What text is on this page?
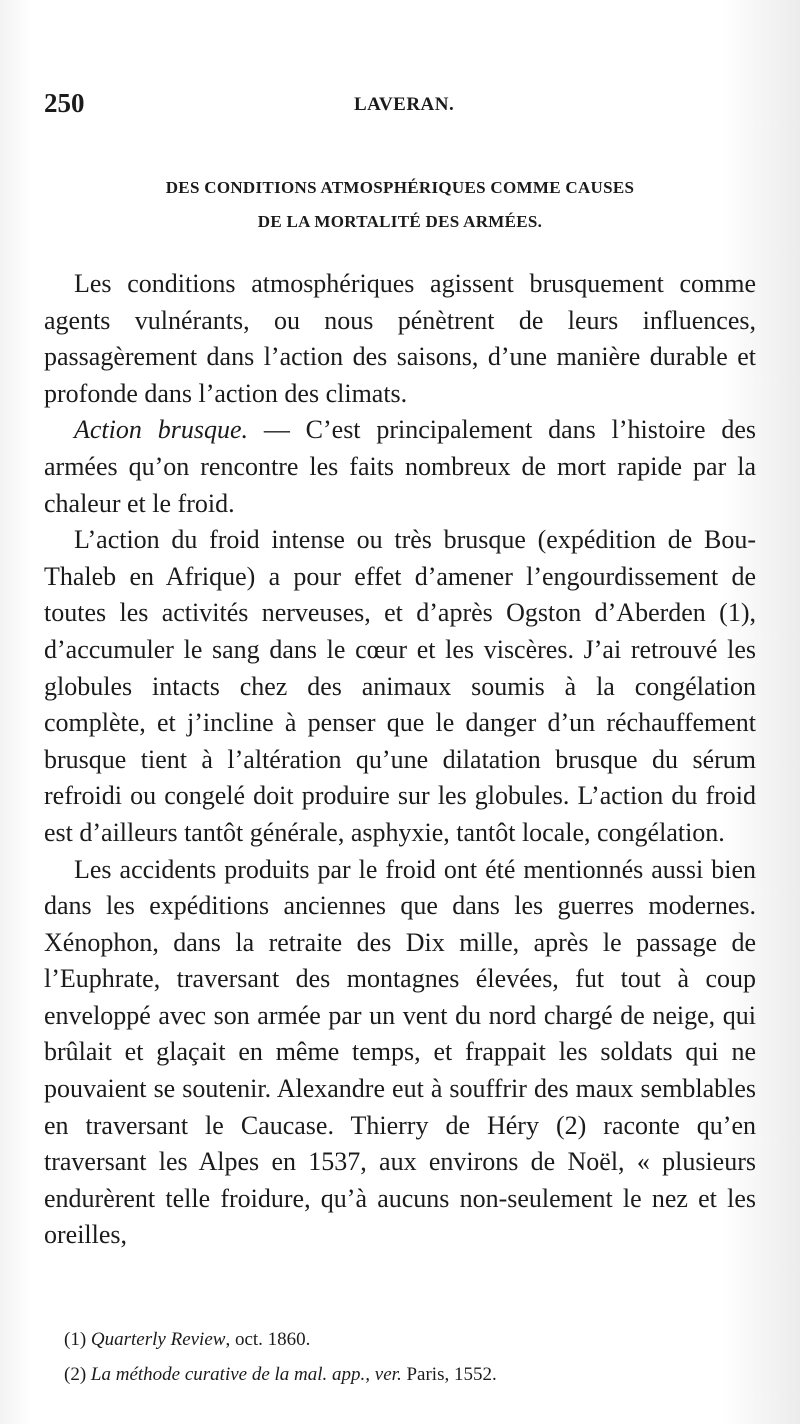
250	LAVERAN.
DES CONDITIONS ATMOSPHÉRIQUES COMME CAUSES
DE LA MORTALITÉ DES ARMÉES.

Les conditions atmosphériques agissent brusquement comme agents vulnérants, ou nous pénètrent de leurs influences, passagèrement dans l’action des saisons, d’une manière durable et profonde dans l’action des climats.

Action brusque. — C’est principalement dans l’histoire des armées qu’on rencontre les faits nombreux de mort rapide par la chaleur et le froid.

L’action du froid intense ou très brusque (expédition de Bou-Thaleb en Afrique) a pour effet d’amener l’engourdissement de toutes les activités nerveuses, et d’après Ogston d’Aberden (1), d’accumuler le sang dans le cœur et les viscères. J’ai retrouvé les globules intacts chez des animaux soumis à la congélation complète, et j’incline à penser que le danger d’un réchauffement brusque tient à l’altération qu’une dilatation brusque du sérum refroidi ou congelé doit produire sur les globules. L’action du froid est d’ailleurs tantôt générale, asphyxie, tantôt locale, congélation.

Les accidents produits par le froid ont été mentionnés aussi bien dans les expéditions anciennes que dans les guerres modernes. Xénophon, dans la retraite des Dix mille, après le passage de l’Euphrate, traversant des montagnes élevées, fut tout à coup enveloppé avec son armée par un vent du nord chargé de neige, qui brûlait et glaçait en même temps, et frappait les soldats qui ne pouvaient se soutenir. Alexandre eut à souffrir des maux semblables en traversant le Caucase. Thierry de Héry (2) raconte qu’en traversant les Alpes en 1537, aux environs de Noël, « plusieurs endurèrent telle froidure, qu’à aucuns non-seulement le nez et les oreilles,

(1) Quarterly Review, oct. 1860.

(2) La méthode curative de la mal. app., ver. Paris, 1552.
